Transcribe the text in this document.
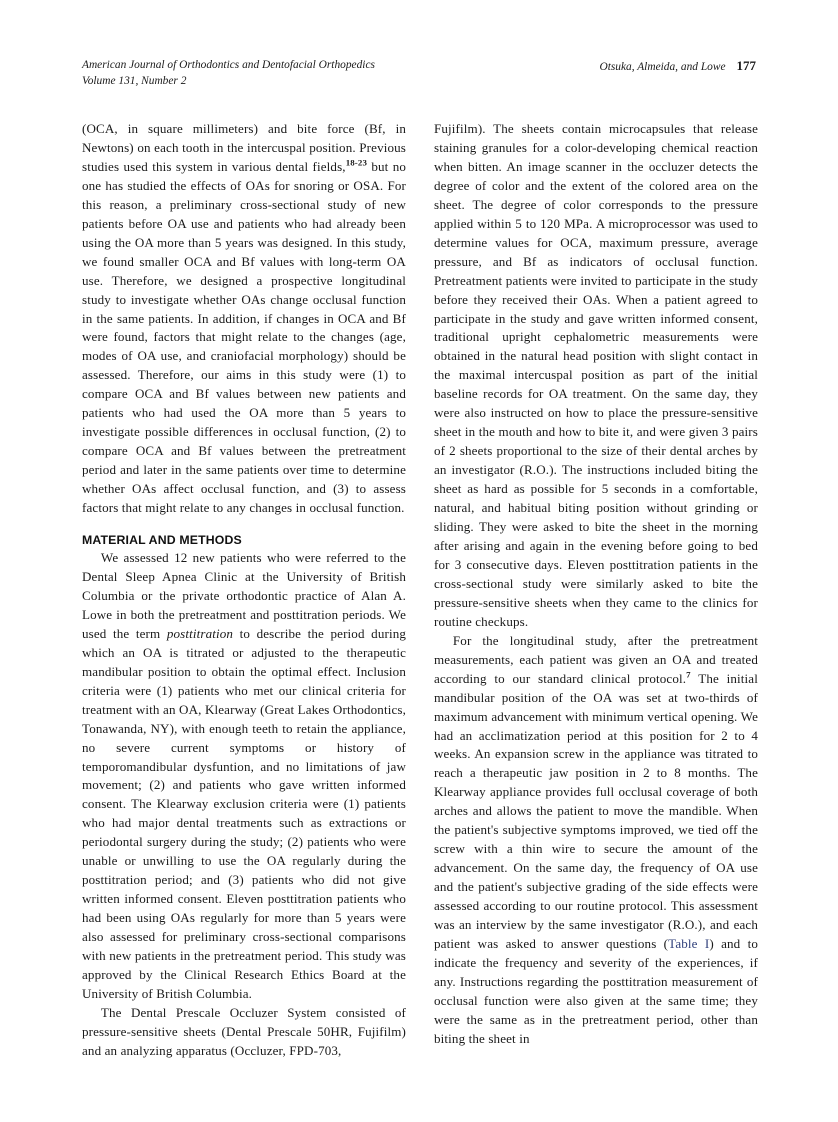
American Journal of Orthodontics and Dentofacial Orthopedics
Volume 131, Number 2
Otsuka, Almeida, and Lowe 177

(OCA, in square millimeters) and bite force (Bf, in Newtons) on each tooth in the intercuspal position. Previous studies used this system in various dental fields,$^{18-23}$ but no one has studied the effects of OAs for snoring or OSA. For this reason, a preliminary cross-sectional study of new patients before OA use and patients who had already been using the OA more than 5 years was designed. In this study, we found smaller OCA and Bf values with long-term OA use. Therefore, we designed a prospective longitudinal study to investigate whether OAs change occlusal function in the same patients. In addition, if changes in OCA and Bf were found, factors that might relate to the changes (age, modes of OA use, and craniofacial morphology) should be assessed. Therefore, our aims in this study were (1) to compare OCA and Bf values between new patients and patients who had used the OA more than 5 years to investigate possible differences in occlusal function, (2) to compare OCA and Bf values between the pretreatment period and later in the same patients over time to determine whether OAs affect occlusal function, and (3) to assess factors that might relate to any changes in occlusal function.

MATERIAL AND METHODS

We assessed 12 new patients who were referred to the Dental Sleep Apnea Clinic at the University of British Columbia or the private orthodontic practice of Alan A. Lowe in both the pretreatment and posttitration periods. We used the term posttitration to describe the period during which an OA is titrated or adjusted to the therapeutic mandibular position to obtain the optimal effect. Inclusion criteria were (1) patients who met our clinical criteria for treatment with an OA, Klearway (Great Lakes Orthodontics, Tonawanda, NY), with enough teeth to retain the appliance, no severe current symptoms or history of temporomandibular dysfuntion, and no limitations of jaw movement; (2) and patients who gave written informed consent. The Klearway exclusion criteria were (1) patients who had major dental treatments such as extractions or periodontal surgery during the study; (2) patients who were unable or unwilling to use the OA regularly during the posttitration period; and (3) patients who did not give written informed consent. Eleven posttitration patients who had been using OAs regularly for more than 5 years were also assessed for preliminary cross-sectional comparisons with new patients in the pretreatment period. This study was approved by the Clinical Research Ethics Board at the University of British Columbia.

The Dental Prescale Occluzer System consisted of pressure-sensitive sheets (Dental Prescale 50HR, Fujifilm) and an analyzing apparatus (Occluzer, FPD-703,

Fujifilm). The sheets contain microcapsules that release staining granules for a color-developing chemical reaction when bitten. An image scanner in the occluzer detects the degree of color and the extent of the colored area on the sheet. The degree of color corresponds to the pressure applied within 5 to 120 MPa. A microprocessor was used to determine values for OCA, maximum pressure, average pressure, and Bf as indicators of occlusal function. Pretreatment patients were invited to participate in the study before they received their OAs. When a patient agreed to participate in the study and gave written informed consent, traditional upright cephalometric measurements were obtained in the natural head position with slight contact in the maximal intercuspal position as part of the initial baseline records for OA treatment. On the same day, they were also instructed on how to place the pressure-sensitive sheet in the mouth and how to bite it, and were given 3 pairs of 2 sheets proportional to the size of their dental arches by an investigator (R.O.). The instructions included biting the sheet as hard as possible for 5 seconds in a comfortable, natural, and habitual biting position without grinding or sliding. They were asked to bite the sheet in the morning after arising and again in the evening before going to bed for 3 consecutive days. Eleven posttitration patients in the cross-sectional study were similarly asked to bite the pressure-sensitive sheets when they came to the clinics for routine checkups.

For the longitudinal study, after the pretreatment measurements, each patient was given an OA and treated according to our standard clinical protocol.$^7$ The initial mandibular position of the OA was set at two-thirds of maximum advancement with minimum vertical opening. We had an acclimatization period at this position for 2 to 4 weeks. An expansion screw in the appliance was titrated to reach a therapeutic jaw position in 2 to 8 months. The Klearway appliance provides full occlusal coverage of both arches and allows the patient to move the mandible. When the patient's subjective symptoms improved, we tied off the screw with a thin wire to secure the amount of the advancement. On the same day, the frequency of OA use and the patient's subjective grading of the side effects were assessed according to our routine protocol. This assessment was an interview by the same investigator (R.O.), and each patient was asked to answer questions (Table I) and to indicate the frequency and severity of the experiences, if any. Instructions regarding the posttitration measurement of occlusal function were also given at the same time; they were the same as in the pretreatment period, other than biting the sheet in
